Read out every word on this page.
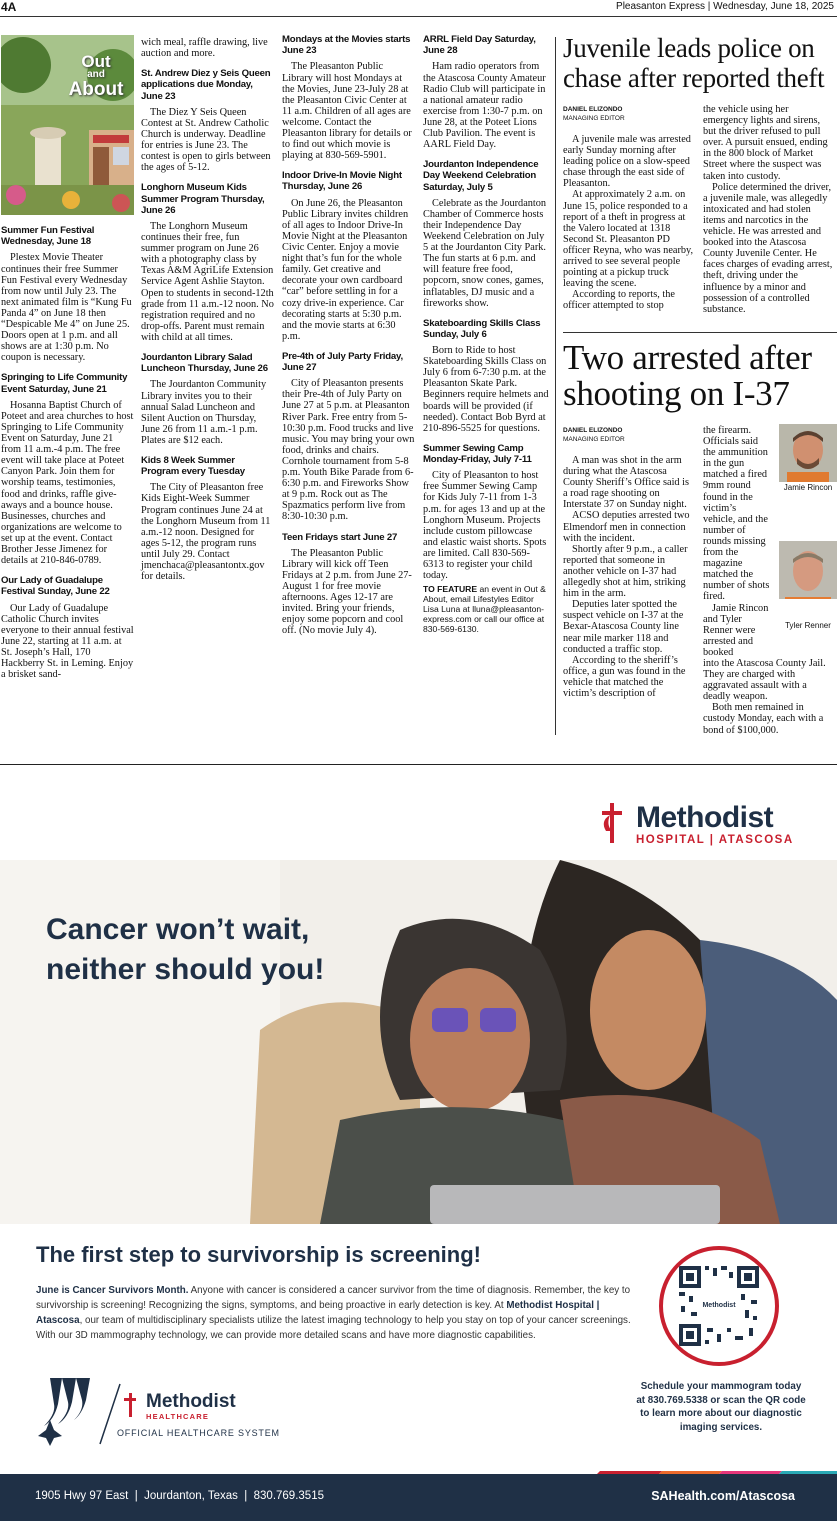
4A	Pleasanton Express | Wednesday, June 18, 2025
Out
and
About
Summer Fun Festival Wednesday, June 18

Plestex Movie Theater continues their free Summer Fun Festival every Wednesday from now until July 23. The next animated film is “Kung Fu Panda 4” on June 18 then “Despicable Me 4” on June 25. Doors open at 1 p.m. and all shows are at 1:30 p.m. No coupon is necessary.

Springing to Life Community Event Saturday, June 21

Hosanna Baptist Church of Poteet and area churches to host Springing to Life Community Event on Saturday, June 21 from 11 a.m.-4 p.m. The free event will take place at Poteet Canyon Park. Join them for worship teams, testimonies, food and drinks, raffle give-aways and a bounce house. Businesses, churches and organizations are welcome to set up at the event. Contact Brother Jesse Jimenez for details at 210-846-0789.

Our Lady of Guadalupe Festival Sunday, June 22

Our Lady of Guadalupe Catholic Church invites everyone to their annual festival June 22, starting at 11 a.m. at St. Joseph’s Hall, 170 Hackberry St. in Leming. Enjoy a brisket sand-

wich meal, raffle drawing, live auction and more.

St. Andrew Diez y Seis Queen applications due Monday, June 23

The Diez Y Seis Queen Contest at St. Andrew Catholic Church is underway. Deadline for entries is June 23. The contest is open to girls between the ages of 5-12.

Longhorn Museum Kids Summer Program Thursday, June 26

The Longhorn Museum continues their free, fun summer program on June 26 with a photography class by Texas A&M AgriLife Extension Service Agent Ashlie Stayton. Open to students in second-12th grade from 11 a.m.-12 noon. No registration required and no drop-offs. Parent must remain with child at all times.

Jourdanton Library Salad Luncheon Thursday, June 26

The Jourdanton Community Library invites you to their annual Salad Luncheon and Silent Auction on Thursday, June 26 from 11 a.m.-1 p.m. Plates are $12 each.

Kids 8 Week Summer Program every Tuesday

The City of Pleasanton free Kids Eight-Week Summer Program continues June 24 at the Longhorn Museum from 11 a.m.-12 noon. Designed for ages 5-12, the program runs until July 29. Contact jmenchaca@pleasantontx.gov for details.

Mondays at the Movies starts June 23

The Pleasanton Public Library will host Mondays at the Movies, June 23-July 28 at the Pleasanton Civic Center at 11 a.m. Children of all ages are welcome. Contact the Pleasanton library for details or to find out which movie is playing at 830-569-5901.

Indoor Drive-In Movie Night Thursday, June 26

On June 26, the Pleasanton Public Library invites children of all ages to Indoor Drive-In Movie Night at the Pleasanton Civic Center. Enjoy a movie night that’s fun for the whole family. Get creative and decorate your own cardboard “car” before settling in for a cozy drive-in experience. Car decorating starts at 5:30 p.m. and the movie starts at 6:30 p.m.

Pre-4th of July Party Friday, June 27

City of Pleasanton presents their Pre-4th of July Party on June 27 at 5 p.m. at Pleasanton River Park. Free entry from 5-10:30 p.m. Food trucks and live music. You may bring your own food, drinks and chairs. Cornhole tournament from 5-8 p.m. Youth Bike Parade from 6-6:30 p.m. and Fireworks Show at 9 p.m. Rock out as The Spazmatics perform live from 8:30-10:30 p.m.

Teen Fridays start June 27

The Pleasanton Public Library will kick off Teen Fridays at 2 p.m. from June 27-August 1 for free movie afternoons. Ages 12-17 are invited. Bring your friends, enjoy some popcorn and cool off. (No movie July 4).

ARRL Field Day Saturday, June 28

Ham radio operators from the Atascosa County Amateur Radio Club will participate in a national amateur radio exercise from 1:30-7 p.m. on June 28, at the Poteet Lions Club Pavilion. The event is AARL Field Day.

Jourdanton Independence Day Weekend Celebration Saturday, July 5

Celebrate as the Jourdanton Chamber of Commerce hosts their Independence Day Weekend Celebration on July 5 at the Jourdanton City Park. The fun starts at 6 p.m. and will feature free food, popcorn, snow cones, games, inflatables, DJ music and a fireworks show.

Skateboarding Skills Class Sunday, July 6

Born to Ride to host Skateboarding Skills Class on July 6 from 6-7:30 p.m. at the Pleasanton Skate Park. Beginners require helmets and boards will be provided (if needed). Contact Bob Byrd at 210-896-5525 for questions.

Summer Sewing Camp Monday-Friday, July 7-11

City of Pleasanton to host free Summer Sewing Camp for Kids July 7-11 from 1-3 p.m. for ages 13 and up at the Longhorn Museum. Projects include custom pillowcase and elastic waist shorts. Spots are limited. Call 830-569-6313 to register your child today.

TO FEATURE an event in Out & About, email Lifestyles Editor Lisa Luna at lluna@pleasanton-express.com or call our office at 830-569-6130.
Juvenile leads police on chase after reported theft
DANIEL ELIZONDO
MANAGING EDITOR

A juvenile male was arrested early Sunday morning after leading police on a slow-speed chase through the east side of Pleasanton.

At approximately 2 a.m. on June 15, police responded to a report of a theft in progress at the Valero located at 1318 Second St. Pleasanton PD officer Reyna, who was nearby, arrived to see several people pointing at a pickup truck leaving the scene.

According to reports, the officer attempted to stop

the vehicle using her emergency lights and sirens, but the driver refused to pull over. A pursuit ensued, ending in the 800 block of Market Street where the suspect was taken into custody.

Police determined the driver, a juvenile male, was allegedly intoxicated and had stolen items and narcotics in the vehicle. He was arrested and booked into the Atascosa County Juvenile Center. He faces charges of evading arrest, theft, driving under the influence by a minor and possession of a controlled substance.

Two arrested after shooting on I-37
DANIEL ELIZONDO
MANAGING EDITOR

A man was shot in the arm during what the Atascosa County Sheriff’s Office said is a road rage shooting on Interstate 37 on Sunday night.

ACSO deputies arrested two Elmendorf men in connection with the incident.

Shortly after 9 p.m., a caller reported that someone in another vehicle on I-37 had allegedly shot at him, striking him in the arm.

Deputies later spotted the suspect vehicle on I-37 at the Bexar-Atascosa County line near mile marker 118 and conducted a traffic stop.

According to the sheriff’s office, a gun was found in the vehicle that matched the victim’s description of

the firearm. Officials said the ammunition in the gun matched a fired 9mm round found in the victim’s vehicle, and the number of rounds missing from the magazine matched the number of shots fired.

Jamie Rincon and Tyler Renner were arrested and booked

into the Atascosa County Jail. They are charged with aggravated assault with a deadly weapon.

Both men remained in custody Monday, each with a bond of $100,000.

Jamie Rincon
Tyler Renner
Methodist
HOSPITAL | ATASCOSA
Cancer won’t wait,
neither should you!
The first step to survivorship is screening!
June is Cancer Survivors Month. Anyone with cancer is considered a cancer survivor from the time of diagnosis. Remember, the key to survivorship is screening! Recognizing the signs, symptoms, and being proactive in early detection is key. At Methodist Hospital | Atascosa, our team of multidisciplinary specialists utilize the latest imaging technology to help you stay on top of your cancer screenings. With our 3D mammography technology, we can provide more detailed scans and have more diagnostic capabilities.
Methodist
Schedule your mammogram today
at 830.769.5338 or scan the QR code
to learn more about our diagnostic
imaging services.
Methodist
HEALTHCARE
OFFICIAL HEALTHCARE SYSTEM
1905 Hwy 97 East  |  Jourdanton, Texas  |  830.769.3515	SAHealth.com/Atascosa
